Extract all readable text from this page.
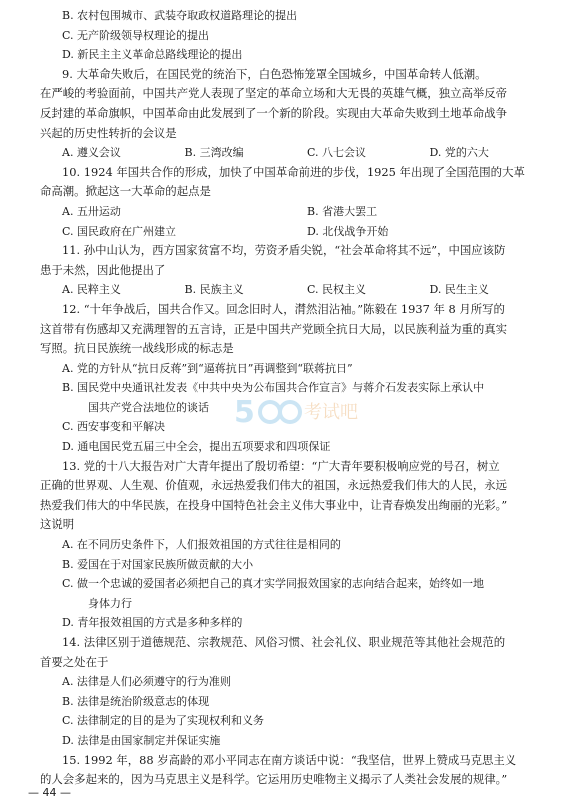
B. 农村包围城市、武装夺取政权道路理论的提出
C. 无产阶级领导权理论的提出
D. 新民主主义革命总路线理论的提出
9. 大革命失败后，在国民党的统治下，白色恐怖笼罩全国城乡，中国革命转人低潮。
在严峻的考验面前，中国共产党人表现了坚定的革命立场和大无畏的英雄气概，独立高举反帝
反封建的革命旗帜，中国革命由此发展到了一个新的阶段。实现由大革命失败到土地革命战争
兴起的历史性转折的会议是
A. 遵义会议	B. 三湾改编	C. 八七会议	D. 党的六大
10. 1924 年国共合作的形成，加快了中国革命前进的步伐，1925 年出现了全国范围的大革
命高潮。掀起这一大革命的起点是
A. 五卅运动	B. 省港大罢工
C. 国民政府在广州建立	D. 北伐战争开始
11. 孙中山认为，西方国家贫富不均，劳资矛盾尖锐，“社会革命将其不远”，中国应该防
患于未然，因此他提出了
A. 民粹主义	B. 民族主义	C. 民权主义	D. 民生主义
12. “十年争战后，国共合作又。回念旧时人，潸然泪沾袖。”陈毅在 1937 年 8 月所写的
这首带有伤感却又充满理智的五言诗，正是中国共产党顾全抗日大局，以民族利益为重的真实
写照。抗日民族统一战线形成的标志是
A. 党的方针从“抗日反蒋”到“逼蒋抗日”再调整到“联蒋抗日”
B. 国民党中央通讯社发表《中共中央为公布国共合作宣言》与蒋介石发表实际上承认中
国共产党合法地位的谈话
C. 西安事变和平解决
D. 通电国民党五届三中全会，提出五项要求和四项保证
13. 党的十八大报告对广大青年提出了殷切希望：“广大青年要积极响应党的号召，树立
正确的世界观、人生观、价值观，永远热爱我们伟大的祖国，永远热爱我们伟大的人民，永远
热爱我们伟大的中华民族，在投身中国特色社会主义伟大事业中，让青春焕发出绚丽的光彩。”
这说明
A. 在不同历史条件下，人们报效祖国的方式往往是相同的
B. 爱国在于对国家民族所做贡献的大小
C. 做一个忠诚的爱国者必须把自己的真才实学同报效国家的志向结合起来，始终如一地
身体力行
D. 青年报效祖国的方式是多种多样的
14. 法律区别于道德规范、宗教规范、风俗习惯、社会礼仪、职业规范等其他社会规范的
首要之处在于
A. 法律是人们必须遵守的行为准则
B. 法律是统治阶级意志的体现
C. 法律制定的目的是为了实现权利和义务
D. 法律是由国家制定并保证实施
15. 1992 年，88 岁高龄的邓小平同志在南方谈话中说：“我坚信，世界上赞成马克思主义
的人会多起来的，因为马克思主义是科学。它运用历史唯物主义揭示了人类社会发展的规律。”
5	考试吧
— 44 —
